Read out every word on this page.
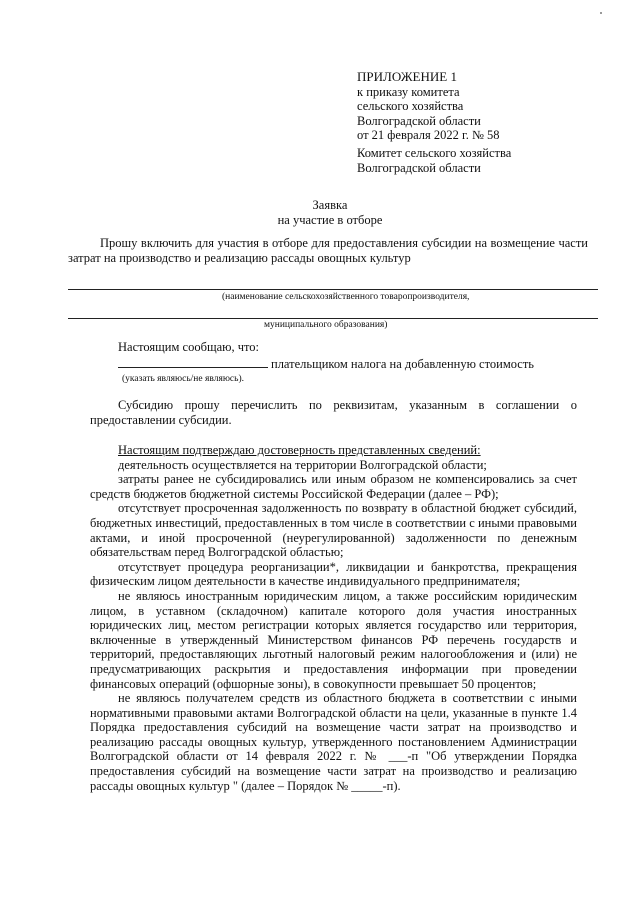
ПРИЛОЖЕНИЕ 1
к приказу комитета
сельского хозяйства
Волгоградской области
от 21 февраля 2022 г. № 58
Комитет сельского хозяйства
Волгоградской области
Заявка
на участие в отборе
Прошу включить для участия в отборе для предоставления субсидии на возмещение части затрат на производство и реализацию рассады овощных культур
(наименование сельскохозяйственного товаропроизводителя,
муниципального образования)
Настоящим сообщаю, что:
плательщиком налога на добавленную стоимость
(указать являюсь/не являюсь).
Субсидию прошу перечислить по реквизитам, указанным в соглашении о предоставлении субсидии.
Настоящим подтверждаю достоверность представленных сведений:

деятельность осуществляется на территории Волгоградской области;

затраты ранее не субсидировались или иным образом не компенсировались за счет средств бюджетов бюджетной системы Российской Федерации (далее – РФ);

отсутствует просроченная задолженность по возврату в областной бюджет субсидий, бюджетных инвестиций, предоставленных в том числе в соответствии с иными правовыми актами, и иной просроченной (неурегулированной) задолженности по денежным обязательствам перед Волгоградской областью;

отсутствует процедура реорганизации*, ликвидации и банкротства, прекращения физическим лицом деятельности в качестве индивидуального предпринимателя;

не являюсь иностранным юридическим лицом, а также российским юридическим лицом, в уставном (складочном) капитале которого доля участия иностранных юридических лиц, местом регистрации которых является государство или территория, включенные в утвержденный Министерством финансов РФ перечень государств и территорий, предоставляющих льготный налоговый режим налогообложения и (или) не предусматривающих раскрытия и предоставления информации при проведении финансовых операций (офшорные зоны), в совокупности превышает 50 процентов;

не являюсь получателем средств из областного бюджета в соответствии с иными нормативными правовыми актами Волгоградской области на цели, указанные в пункте 1.4 Порядка предоставления субсидий на возмещение части затрат на производство и реализацию рассады овощных культур, утвержденного постановлением Администрации Волгоградской области от 14 февраля 2022 г. № ___-п "Об утверждении Порядка предоставления субсидий на возмещение части затрат на производство и реализацию рассады овощных культур " (далее – Порядок № _____-п).
